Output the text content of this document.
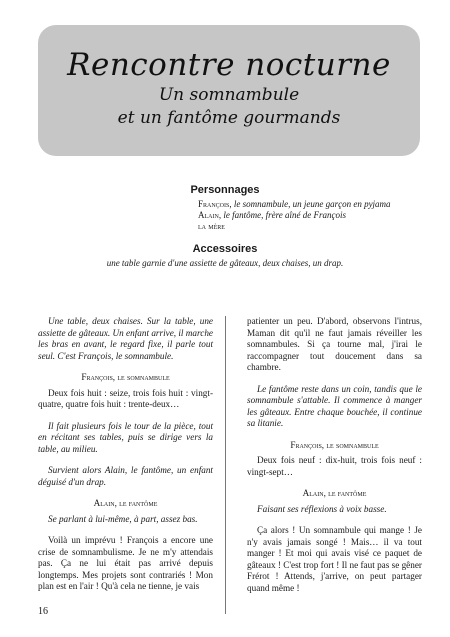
Rencontre nocturne
Un somnambule
et un fantôme gourmands
Personnages
François, le somnambule, un jeune garçon en pyjama
Alain, le fantôme, frère aîné de François
la mère
Accessoires
une table garnie d'une assiette de gâteaux, deux chaises, un drap.

Une table, deux chaises. Sur la table, une assiette de gâteaux. Un enfant arrive, il marche les bras en avant, le regard fixe, il parle tout seul. C'est François, le somnambule.

François, le somnambule

Deux fois huit : seize, trois fois huit : vingt-quatre, quatre fois huit : trente-deux…

Il fait plusieurs fois le tour de la pièce, tout en récitant ses tables, puis se dirige vers la table, au milieu.

Survient alors Alain, le fantôme, un enfant déguisé d'un drap.

Alain, le fantôme

Se parlant à lui-même, à part, assez bas.

Voilà un imprévu ! François a encore une crise de somnambulisme. Je ne m'y attendais pas. Ça ne lui était pas arrivé depuis longtemps. Mes projets sont contrariés ! Mon plan est en l'air ! Qu'à cela ne tienne, je vais

patienter un peu. D'abord, observons l'intrus, Maman dit qu'il ne faut jamais réveiller les somnambules. Si ça tourne mal, j'irai le raccompagner tout doucement dans sa chambre.

Le fantôme reste dans un coin, tandis que le somnambule s'attable. Il commence à manger les gâteaux. Entre chaque bouchée, il continue sa litanie.

François, le somnambule

Deux fois neuf : dix-huit, trois fois neuf : vingt-sept…

Alain, le fantôme

Faisant ses réflexions à voix basse.

Ça alors ! Un somnambule qui mange ! Je n'y avais jamais songé ! Mais… il va tout manger ! Et moi qui avais visé ce paquet de gâteaux ! C'est trop fort ! Il ne faut pas se gêner Frérot ! Attends, j'arrive, on peut partager quand même !

16
